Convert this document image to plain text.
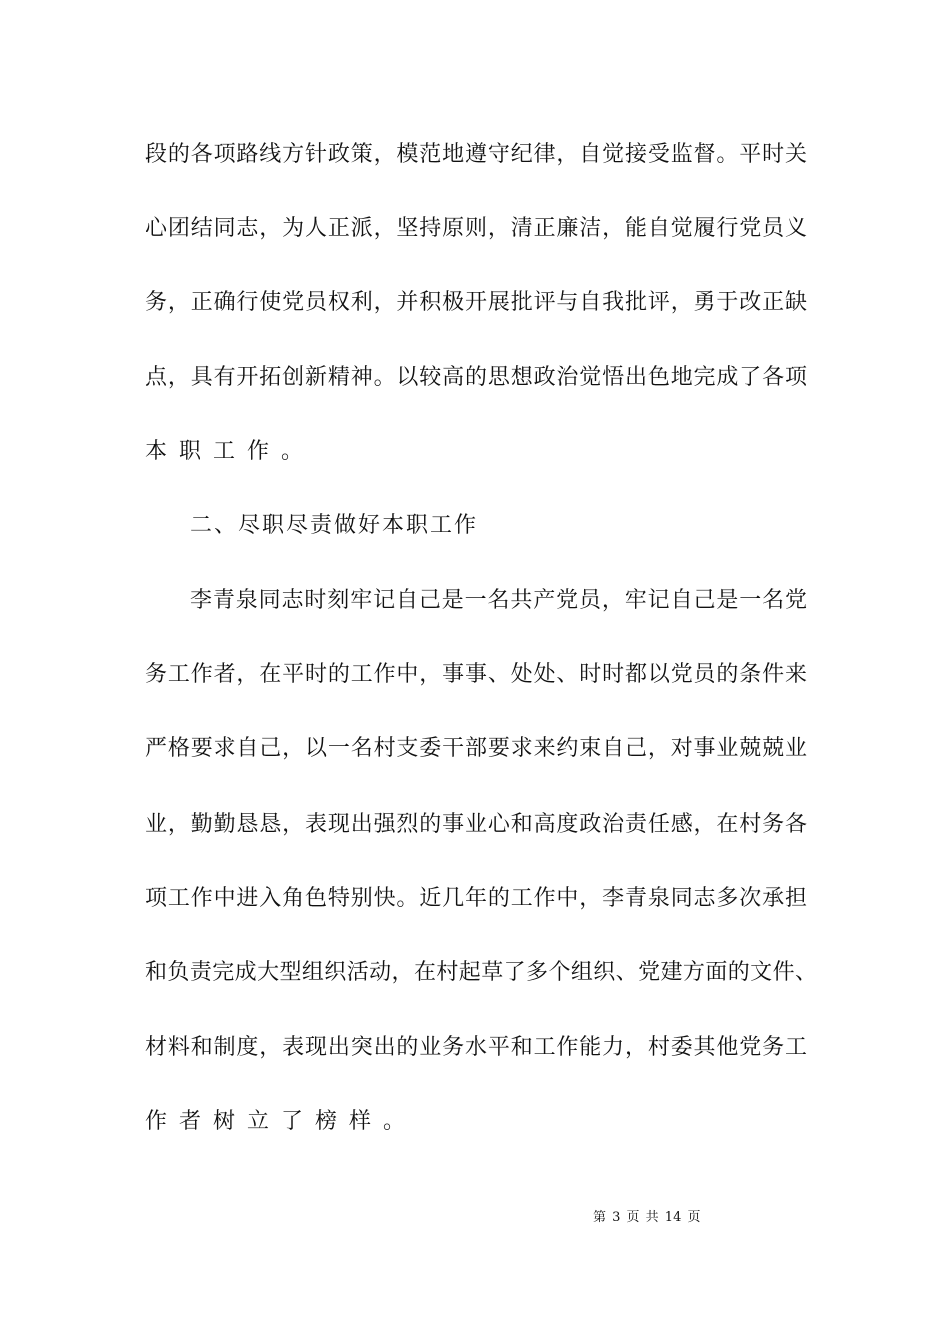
段的各项路线方针政策，模范地遵守纪律，自觉接受监督。平时关
心团结同志，为人正派，坚持原则，清正廉洁，能自觉履行党员义
务，正确行使党员权利，并积极开展批评与自我批评，勇于改正缺
点，具有开拓创新精神。以较高的思想政治觉悟出色地完成了各项
本职工作。
二、尽职尽责做好本职工作
李青泉同志时刻牢记自己是一名共产党员，牢记自己是一名党
务工作者，在平时的工作中，事事、处处、时时都以党员的条件来
严格要求自己，以一名村支委干部要求来约束自己，对事业兢兢业
业，勤勤恳恳，表现出强烈的事业心和高度政治责任感，在村务各
项工作中进入角色特别快。近几年的工作中，李青泉同志多次承担
和负责完成大型组织活动，在村起草了多个组织、党建方面的文件、
材料和制度，表现出突出的业务水平和工作能力，村委其他党务工
作者树立了榜样。
第 3 页 共 14 页
